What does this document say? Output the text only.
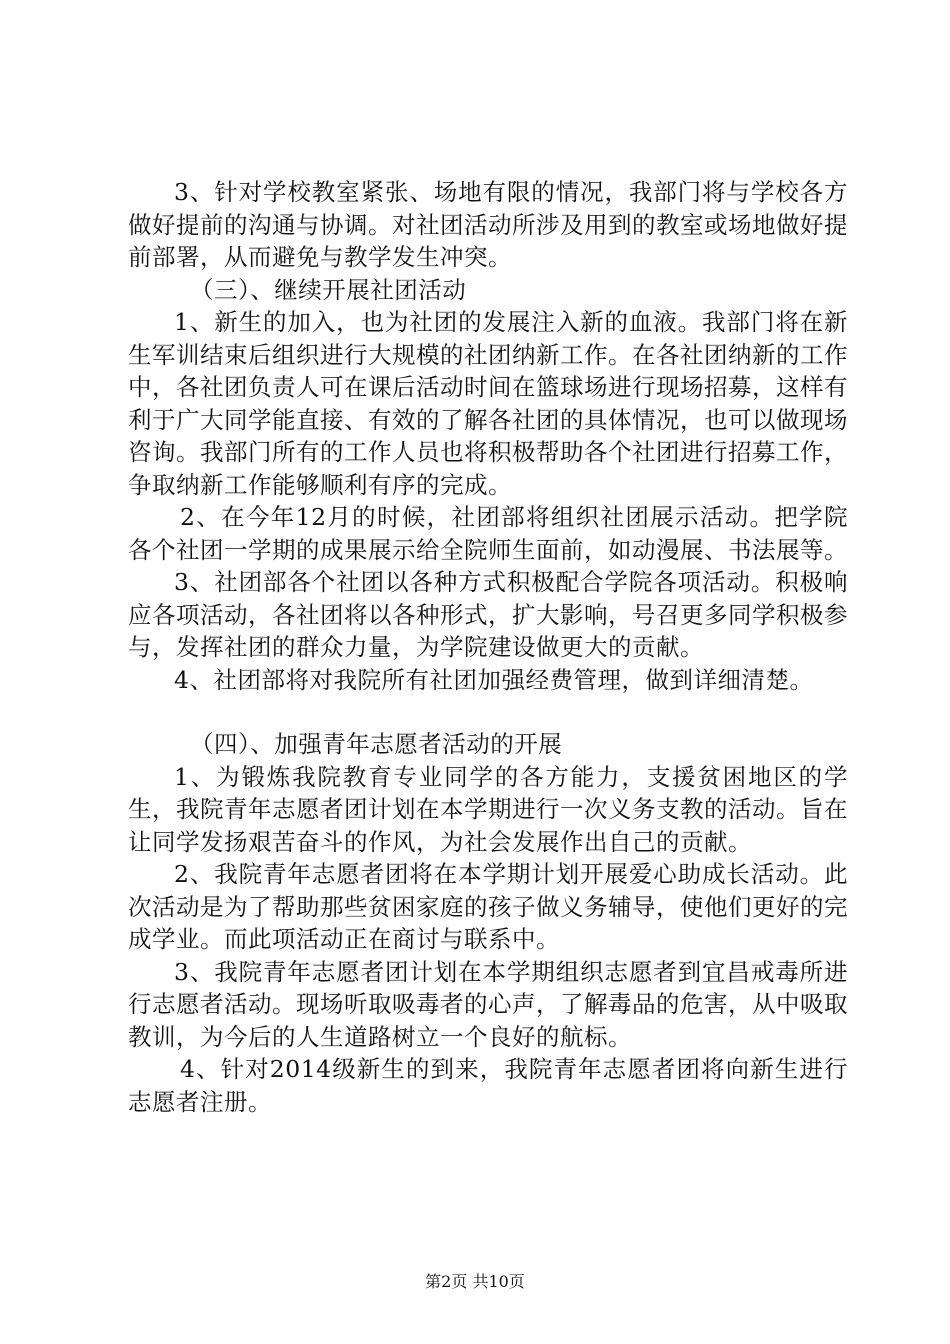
3、针对学校教室紧张、场地有限的情况，我部门将与学校各方做好提前的沟通与协调。对社团活动所涉及用到的教室或场地做好提前部署，从而避免与教学发生冲突。

（三）、继续开展社团活动

1、新生的加入，也为社团的发展注入新的血液。我部门将在新生军训结束后组织进行大规模的社团纳新工作。在各社团纳新的工作中，各社团负责人可在课后活动时间在篮球场进行现场招募，这样有利于广大同学能直接、有效的了解各社团的具体情况，也可以做现场咨询。我部门所有的工作人员也将积极帮助各个社团进行招募工作，争取纳新工作能够顺利有序的完成。

2、在今年12月的时候，社团部将组织社团展示活动。把学院各个社团一学期的成果展示给全院师生面前，如动漫展、书法展等。

3、社团部各个社团以各种方式积极配合学院各项活动。积极响应各项活动，各社团将以各种形式，扩大影响，号召更多同学积极参与，发挥社团的群众力量，为学院建设做更大的贡献。

4、社团部将对我院所有社团加强经费管理，做到详细清楚。

（四）、加强青年志愿者活动的开展

1、为锻炼我院教育专业同学的各方能力，支援贫困地区的学生，我院青年志愿者团计划在本学期进行一次义务支教的活动。旨在让同学发扬艰苦奋斗的作风，为社会发展作出自己的贡献。

2、我院青年志愿者团将在本学期计划开展爱心助成长活动。此次活动是为了帮助那些贫困家庭的孩子做义务辅导，使他们更好的完成学业。而此项活动正在商讨与联系中。

3、我院青年志愿者团计划在本学期组织志愿者到宜昌戒毒所进行志愿者活动。现场听取吸毒者的心声，了解毒品的危害，从中吸取教训，为今后的人生道路树立一个良好的航标。

4、针对2014级新生的到来，我院青年志愿者团将向新生进行志愿者注册。

第2页 共10页
